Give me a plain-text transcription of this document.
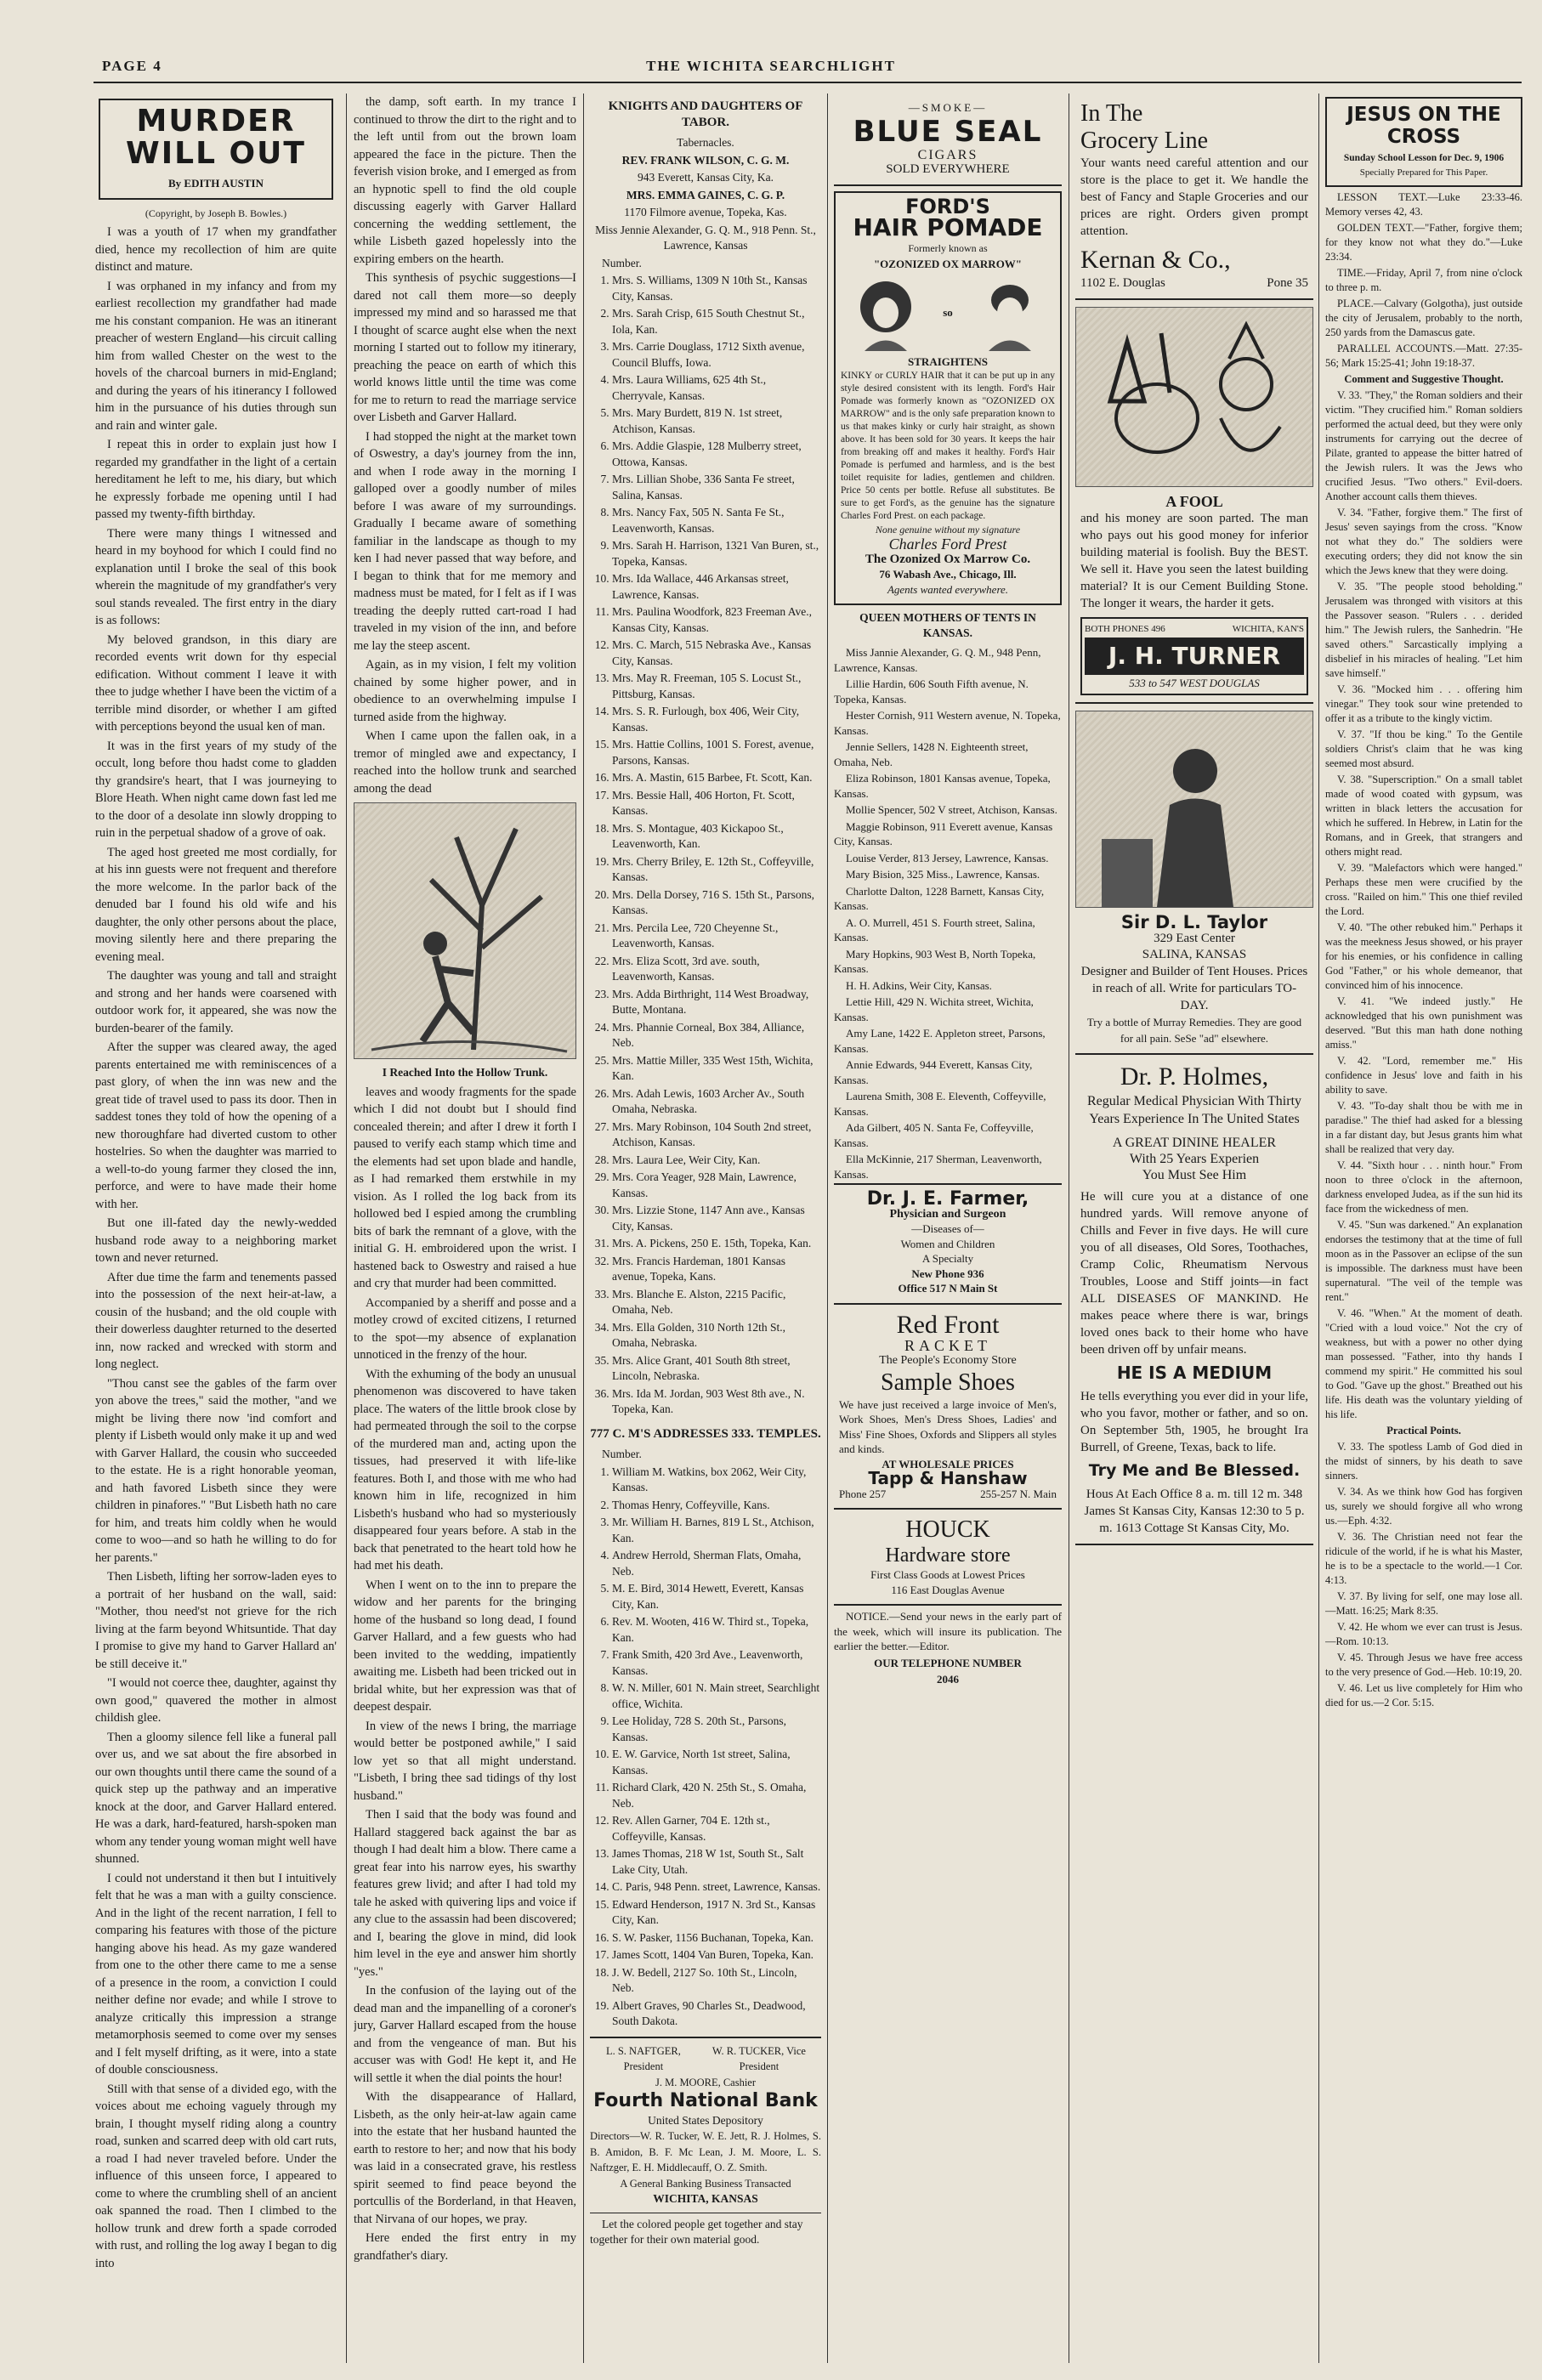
PAGE 4	THE WICHITA SEARCHLIGHT
MURDER WILL OUT
By EDITH AUSTIN

(Copyright, by Joseph B. Bowles.)

I was a youth of 17 when my grandfather died, hence my recollection of him are quite distinct and mature.

I was orphaned in my infancy and from my earliest recollection my grandfather had made me his constant companion. He was an itinerant preacher of western England—his circuit calling him from walled Chester on the west to the hovels of the charcoal burners in mid-England; and during the years of his itinerancy I followed him in the pursuance of his duties through sun and rain and winter gale.

I repeat this in order to explain just how I regarded my grandfather in the light of a certain hereditament he left to me, his diary, but which he expressly forbade me opening until I had passed my twenty-fifth birthday.

There were many things I witnessed and heard in my boyhood for which I could find no explanation until I broke the seal of this book wherein the magnitude of my grandfather's very soul stands revealed. The first entry in the diary is as follows:

My beloved grandson, in this diary are recorded events writ down for thy especial edification. Without comment I leave it with thee to judge whether I have been the victim of a terrible mind disorder, or whether I am gifted with perceptions beyond the usual ken of man.

It was in the first years of my study of the occult, long before thou hadst come to gladden thy grandsire's heart, that I was journeying to Blore Heath. When night came down fast led me to the door of a desolate inn slowly dropping to ruin in the perpetual shadow of a grove of oak.

The aged host greeted me most cordially, for at his inn guests were not frequent and therefore the more welcome. In the parlor back of the denuded bar I found his old wife and his daughter, the only other persons about the place, moving silently here and there preparing the evening meal.

The daughter was young and tall and straight and strong and her hands were coarsened with outdoor work for, it appeared, she was now the burden-bearer of the family.

After the supper was cleared away, the aged parents entertained me with reminiscences of a past glory, of when the inn was new and the great tide of travel used to pass its door. Then in saddest tones they told of how the opening of a new thoroughfare had diverted custom to other hostelries. So when the daughter was married to a well-to-do young farmer they closed the inn, perforce, and were to have made their home with her.

But one ill-fated day the newly-wedded husband rode away to a neighboring market town and never returned.

After due time the farm and tenements passed into the possession of the next heir-at-law, a cousin of the husband; and the old couple with their dowerless daughter returned to the deserted inn, now racked and wrecked with storm and long neglect.

"Thou canst see the gables of the farm over yon above the trees," said the mother, "and we might be living there now 'ind comfort and plenty if Lisbeth would only make it up and wed with Garver Hallard, the cousin who succeeded to the estate. He is a right honorable yeoman, and hath favored Lisbeth since they were children in pinafores." "But Lisbeth hath no care for him, and treats him coldly when he would come to woo—and so hath he willing to do for her parents."

Then Lisbeth, lifting her sorrow-laden eyes to a portrait of her husband on the wall, said: "Mother, thou need'st not grieve for the rich living at the farm beyond Whitsuntide. That day I promise to give my hand to Garver Hallard an' be still deceive it."

"I would not coerce thee, daughter, against thy own good," quavered the mother in almost childish glee.

Then a gloomy silence fell like a funeral pall over us, and we sat about the fire absorbed in our own thoughts until there came the sound of a quick step up the pathway and an imperative knock at the door, and Garver Hallard entered. He was a dark, hard-featured, harsh-spoken man whom any tender young woman might well have shunned.

I could not understand it then but I intuitively felt that he was a man with a guilty conscience. And in the light of the recent narration, I fell to comparing his features with those of the picture hanging above his head. As my gaze wandered from one to the other there came to me a sense of a presence in the room, a conviction I could neither define nor evade; and while I strove to analyze critically this impression a strange metamorphosis seemed to come over my senses and I felt myself drifting, as it were, into a state of double consciousness.

Still with that sense of a divided ego, with the voices about me echoing vaguely through my brain, I thought myself riding along a country road, sunken and scarred deep with old cart ruts, a road I had never traveled before. Under the influence of this unseen force, I appeared to come to where the crumbling shell of an ancient oak spanned the road. Then I climbed to the hollow trunk and drew forth a spade corroded with rust, and rolling the log away I began to dig into

the damp, soft earth. In my trance I continued to throw the dirt to the right and to the left until from out the brown loam appeared the face in the picture. Then the feverish vision broke, and I emerged as from an hypnotic spell to find the old couple discussing eagerly with Garver Hallard concerning the wedding settlement, the while Lisbeth gazed hopelessly into the expiring embers on the hearth.

This synthesis of psychic suggestions—I dared not call them more—so deeply impressed my mind and so harassed me that I thought of scarce aught else when the next morning I started out to follow my itinerary, preaching the peace on earth of which this world knows little until the time was come for me to return to read the marriage service over Lisbeth and Garver Hallard.

I had stopped the night at the market town of Oswestry, a day's journey from the inn, and when I rode away in the morning I galloped over a goodly number of miles before I was aware of my surroundings. Gradually I became aware of something familiar in the landscape as though to my ken I had never passed that way before, and I began to think that for me memory and madness must be mated, for I felt as if I was treading the deeply rutted cart-road I had traveled in my vision of the inn, and before me lay the steep ascent.

Again, as in my vision, I felt my volition chained by some higher power, and in obedience to an overwhelming impulse I turned aside from the highway.

When I came upon the fallen oak, in a tremor of mingled awe and expectancy, I reached into the hollow trunk and searched among the dead

I Reached Into the Hollow Trunk.

leaves and woody fragments for the spade which I did not doubt but I should find concealed therein; and after I drew it forth I paused to verify each stamp which time and the elements had set upon blade and handle, as I had remarked them erstwhile in my vision. As I rolled the log back from its hollowed bed I espied among the crumbling bits of bark the remnant of a glove, with the initial G. H. embroidered upon the wrist. I hastened back to Oswestry and raised a hue and cry that murder had been committed.

Accompanied by a sheriff and posse and a motley crowd of excited citizens, I returned to the spot—my absence of explanation unnoticed in the frenzy of the hour.

With the exhuming of the body an unusual phenomenon was discovered to have taken place. The waters of the little brook close by had permeated through the soil to the corpse of the murdered man and, acting upon the tissues, had preserved it with life-like features. Both I, and those with me who had known him in life, recognized in him Lisbeth's husband who had so mysteriously disappeared four years before. A stab in the back that penetrated to the heart told how he had met his death.

When I went on to the inn to prepare the widow and her parents for the bringing home of the husband so long dead, I found Garver Hallard, and a few guests who had been invited to the wedding, impatiently awaiting me. Lisbeth had been tricked out in bridal white, but her expression was that of deepest despair.

In view of the news I bring, the marriage would better be postponed awhile," I said low yet so that all might understand. "Lisbeth, I bring thee sad tidings of thy lost husband."

Then I said that the body was found and Hallard staggered back against the bar as though I had dealt him a blow. There came a great fear into his narrow eyes, his swarthy features grew livid; and after I had told my tale he asked with quivering lips and voice if any clue to the assassin had been discovered; and I, bearing the glove in mind, did look him level in the eye and answer him shortly "yes."

In the confusion of the laying out of the dead man and the impanelling of a coroner's jury, Garver Hallard escaped from the house and from the vengeance of man. But his accuser was with God! He kept it, and He will settle it when the dial points the hour!

With the disappearance of Hallard, Lisbeth, as the only heir-at-law again came into the estate that her husband haunted the earth to restore to her; and now that his body was laid in a consecrated grave, his restless spirit seemed to find peace beyond the portcullis of the Borderland, in that Heaven, that Nirvana of our hopes, we pray.

Here ended the first entry in my grandfather's diary.

KNIGHTS AND DAUGHTERS OF TABOR.

Tabernacles.

REV. FRANK WILSON, C. G. M.

943 Everett, Kansas City, Ka.

MRS. EMMA GAINES, C. G. P.

1170 Filmore avenue, Topeka, Kas.

Miss Jennie Alexander, G. Q. M., 918 Penn. St., Lawrence, Kansas

Number.

1. Mrs. S. Williams, 1309 N 10th St., Kansas City, Kansas.
2. Mrs. Sarah Crisp, 615 South Chestnut St., Iola, Kan.
3. Mrs. Carrie Douglass, 1712 Sixth avenue, Council Bluffs, Iowa.
4. Mrs. Laura Williams, 625 4th St., Cherryvale, Kansas.
5. Mrs. Mary Burdett, 819 N. 1st street, Atchison, Kansas.
6. Mrs. Addie Glaspie, 128 Mulberry street, Ottowa, Kansas.
7. Mrs. Lillian Shobe, 336 Santa Fe street, Salina, Kansas.
8. Mrs. Nancy Fax, 505 N. Santa Fe St., Leavenworth, Kansas.
9. Mrs. Sarah H. Harrison, 1321 Van Buren, st., Topeka, Kansas.
10. Mrs. Ida Wallace, 446 Arkansas street, Lawrence, Kansas.
11. Mrs. Paulina Woodfork, 823 Freeman Ave., Kansas City, Kansas.
12. Mrs. C. March, 515 Nebraska Ave., Kansas City, Kansas.
13. Mrs. May R. Freeman, 105 S. Locust St., Pittsburg, Kansas.
14. Mrs. S. R. Furlough, box 406, Weir City, Kansas.
15. Mrs. Hattie Collins, 1001 S. Forest, avenue, Parsons, Kansas.
16. Mrs. A. Mastin, 615 Barbee, Ft. Scott, Kan.
17. Mrs. Bessie Hall, 406 Horton, Ft. Scott, Kansas.
18. Mrs. S. Montague, 403 Kickapoo St., Leavenworth, Kan.
19. Mrs. Cherry Briley, E. 12th St., Coffeyville, Kansas.
20. Mrs. Della Dorsey, 716 S. 15th St., Parsons, Kansas.
21. Mrs. Percila Lee, 720 Cheyenne St., Leavenworth, Kansas.
22. Mrs. Eliza Scott, 3rd ave. south, Leavenworth, Kansas.
23. Mrs. Adda Birthright, 114 West Broadway, Butte, Montana.
24. Mrs. Phannie Corneal, Box 384, Alliance, Neb.
25. Mrs. Mattie Miller, 335 West 15th, Wichita, Kan.
26. Mrs. Adah Lewis, 1603 Archer Av., South Omaha, Nebraska.
27. Mrs. Mary Robinson, 104 South 2nd street, Atchison, Kansas.
28. Mrs. Laura Lee, Weir City, Kan.
29. Mrs. Cora Yeager, 928 Main, Lawrence, Kansas.
30. Mrs. Lizzie Stone, 1147 Ann ave., Kansas City, Kansas.
31. Mrs. A. Pickens, 250 E. 15th, Topeka, Kan.
32. Mrs. Francis Hardeman, 1801 Kansas avenue, Topeka, Kans.
33. Mrs. Blanche E. Alston, 2215 Pacific, Omaha, Neb.
34. Mrs. Ella Golden, 310 North 12th St., Omaha, Nebraska.
35. Mrs. Alice Grant, 401 South 8th street, Lincoln, Nebraska.
36. Mrs. Ida M. Jordan, 903 West 8th ave., N. Topeka, Kan.

777 C. M'S ADDRESSES 333. TEMPLES.

Number.

1. William M. Watkins, box 2062, Weir City, Kansas.
2. Thomas Henry, Coffeyville, Kans.
3. Mr. William H. Barnes, 819 L St., Atchison, Kan.
4. Andrew Herrold, Sherman Flats, Omaha, Neb.
5. M. E. Bird, 3014 Hewett, Everett, Kansas City, Kan.
6. Rev. M. Wooten, 416 W. Third st., Topeka, Kan.
7. Frank Smith, 420 3rd Ave., Leavenworth, Kansas.
8. W. N. Miller, 601 N. Main street, Searchlight office, Wichita.
9. Lee Holiday, 728 S. 20th St., Parsons, Kansas.
10. E. W. Garvice, North 1st street, Salina, Kansas.
11. Richard Clark, 420 N. 25th St., S. Omaha, Neb.
12. Rev. Allen Garner, 704 E. 12th st., Coffeyville, Kansas.
13. James Thomas, 218 W 1st, South St., Salt Lake City, Utah.
14. C. Paris, 948 Penn. street, Lawrence, Kansas.
15. Edward Henderson, 1917 N. 3rd St., Kansas City, Kan.
16. S. W. Pasker, 1156 Buchanan, Topeka, Kan.
17. James Scott, 1404 Van Buren, Topeka, Kan.
18. J. W. Bedell, 2127 So. 10th St., Lincoln, Neb.
19. Albert Graves, 90 Charles St., Deadwood, South Dakota.
L. S. NAFTGER, President
W. R. TUCKER, Vice President
J. M. MOORE, Cashier
Fourth National Bank
United States Depository
Directors—W. R. Tucker, W. E. Jett, R. J. Holmes, S. B. Amidon, B. F. Mc Lean, J. M. Moore, L. S. Naftzger, E. H. Middlecauff, O. Z. Smith.
A General Banking Business Transacted
WICHITA, KANSAS

Let the colored people get together and stay together for their own material good.

—SMOKE—
BLUE SEAL
CIGARS
SOLD EVERYWHERE
FORD'S
HAIR POMADE
Formerly known as
"OZONIZED OX MARROW"
so
STRAIGHTENS
KINKY or CURLY HAIR that it can be put up in any style desired consistent with its length. Ford's Hair Pomade was formerly known as "OZONIZED OX MARROW" and is the only safe preparation known to us that makes kinky or curly hair straight, as shown above. It has been sold for 30 years. It keeps the hair from breaking off and makes it healthy. Ford's Hair Pomade is perfumed and harmless, and is the best toilet requisite for ladies, gentlemen and children. Price 50 cents per bottle. Refuse all substitutes. Be sure to get Ford's, as the genuine has the signature Charles Ford Prest. on each package.
None genuine without my signature
Charles Ford Prest
The Ozonized Ox Marrow Co.
76 Wabash Ave., Chicago, Ill.
Agents wanted everywhere.

QUEEN MOTHERS OF TENTS IN KANSAS.

Miss Jannie Alexander, G. Q. M., 948 Penn, Lawrence, Kansas.

Lillie Hardin, 606 South Fifth avenue, N. Topeka, Kansas.

Hester Cornish, 911 Western avenue, N. Topeka, Kansas.

Jennie Sellers, 1428 N. Eighteenth street, Omaha, Neb.

Eliza Robinson, 1801 Kansas avenue, Topeka, Kansas.

Mollie Spencer, 502 V street, Atchison, Kansas.

Maggie Robinson, 911 Everett avenue, Kansas City, Kansas.

Louise Verder, 813 Jersey, Lawrence, Kansas.

Mary Bision, 325 Miss., Lawrence, Kansas.

Charlotte Dalton, 1228 Barnett, Kansas City, Kansas.

A. O. Murrell, 451 S. Fourth street, Salina, Kansas.

Mary Hopkins, 903 West B, North Topeka, Kansas.

H. H. Adkins, Weir City, Kansas.

Lettie Hill, 429 N. Wichita street, Wichita, Kansas.

Amy Lane, 1422 E. Appleton street, Parsons, Kansas.

Annie Edwards, 944 Everett, Kansas City, Kansas.

Laurena Smith, 308 E. Eleventh, Coffeyville, Kansas.

Ada Gilbert, 405 N. Santa Fe, Coffeyville, Kansas.

Ella McKinnie, 217 Sherman, Leavenworth, Kansas.

Dr. J. E. Farmer,
Physician and Surgeon
—Diseases of—
Women and Children
A Specialty
New Phone 936
Office 517 N Main St
Red Front
RACKET
The People's Economy Store
Sample Shoes
We have just received a large invoice of Men's, Work Shoes, Men's Dress Shoes, Ladies' and Miss' Fine Shoes, Oxfords and Slippers all styles and kinds.
AT WHOLESALE PRICES
Tapp & Hanshaw
Phone 257	255-257 N. Main
HOUCK
Hardware store
First Class Goods at Lowest Prices
116 East Douglas Avenue

NOTICE.—Send your news in the early part of the week, which will insure its publication. The earlier the better.—Editor.

OUR TELEPHONE NUMBER

2046

In The
Grocery Line
Your wants need careful attention and our store is the place to get it. We handle the best of Fancy and Staple Groceries and our prices are right. Orders given prompt attention.
Kernan & Co.,
1102 E. Douglas	Pone 35
A FOOL
and his money are soon parted. The man who pays out his good money for inferior building material is foolish. Buy the BEST. We sell it. Have you seen the latest building material? It is our Cement Building Stone. The longer it wears, the harder it gets.
BOTH PHONES 496	WICHITA, KAN'S
J. H. TURNER
533 to 547 WEST DOUGLAS
Sir D. L. Taylor
329 East Center
SALINA, KANSAS
Designer and Builder of Tent Houses. Prices in reach of all. Write for particulars TO-DAY.
Try a bottle of Murray Remedies. They are good for all pain. SeSe "ad" elsewhere.
Dr. P. Holmes,
Regular Medical Physician With Thirty Years Experience In The United States
A GREAT DININE HEALER
With 25 Years Experien
You Must See Him
He will cure you at a distance of one hundred yards. Will remove anyone of Chills and Fever in five days. He will cure you of all diseases, Old Sores, Toothaches, Cramp Colic, Rheumatism Nervous Troubles, Loose and Stiff joints—in fact ALL DISEASES OF MANKIND. He makes peace where there is war, brings loved ones back to their home who have been driven off by unfair means.
HE IS A MEDIUM
He tells everything you ever did in your life, who you favor, mother or father, and so on. On September 5th, 1905, he brought Ira Burrell, of Greene, Texas, back to life.
Try Me and Be Blessed.
Hous At Each Office 8 a. m. till 12 m. 348 James St Kansas City, Kansas 12:30 to 5 p. m. 1613 Cottage St Kansas City, Mo.
JESUS ON THE CROSS
Sunday School Lesson for Dec. 9, 1906
Specially Prepared for This Paper.

LESSON TEXT.—Luke 23:33-46. Memory verses 42, 43.

GOLDEN TEXT.—"Father, forgive them; for they know not what they do."—Luke 23:34.

TIME.—Friday, April 7, from nine o'clock to three p. m.

PLACE.—Calvary (Golgotha), just outside the city of Jerusalem, probably to the north, 250 yards from the Damascus gate.

PARALLEL ACCOUNTS.—Matt. 27:35-56; Mark 15:25-41; John 19:18-37.

Comment and Suggestive Thought.

V. 33. "They," the Roman soldiers and their victim. "They crucified him." Roman soldiers performed the actual deed, but they were only instruments for carrying out the decree of Pilate, granted to appease the bitter hatred of the Jewish rulers. It was the Jews who crucified Jesus. "Two others." Evil-doers. Another account calls them thieves.

V. 34. "Father, forgive them." The first of Jesus' seven sayings from the cross. "Know not what they do." The soldiers were executing orders; they did not know the sin which the Jews knew that they were doing.

V. 35. "The people stood beholding." Jerusalem was thronged with visitors at this the Passover season. "Rulers . . . derided him." The Jewish rulers, the Sanhedrin. "He saved others." Sarcastically implying a disbelief in his miracles of healing. "Let him save himself."

V. 36. "Mocked him . . . offering him vinegar." They took sour wine pretended to offer it as a tribute to the kingly victim.

V. 37. "If thou be king." To the Gentile soldiers Christ's claim that he was king seemed most absurd.

V. 38. "Superscription." On a small tablet made of wood coated with gypsum, was written in black letters the accusation for which he suffered. In Hebrew, in Latin for the Romans, and in Greek, that strangers and others might read.

V. 39. "Malefactors which were hanged." Perhaps these men were crucified by the cross. "Railed on him." This one thief reviled the Lord.

V. 40. "The other rebuked him." Perhaps it was the meekness Jesus showed, or his prayer for his enemies, or his confidence in calling God "Father," or his whole demeanor, that convinced him of his innocence.

V. 41. "We indeed justly." He acknowledged that his own punishment was deserved. "But this man hath done nothing amiss."

V. 42. "Lord, remember me." His confidence in Jesus' love and faith in his ability to save.

V. 43. "To-day shalt thou be with me in paradise." The thief had asked for a blessing in a far distant day, but Jesus grants him what shall be realized that very day.

V. 44. "Sixth hour . . . ninth hour." From noon to three o'clock in the afternoon, darkness enveloped Judea, as if the sun hid its face from the wickedness of men.

V. 45. "Sun was darkened." An explanation endorses the testimony that at the time of full moon as in the Passover an eclipse of the sun is impossible. The darkness must have been supernatural. "The veil of the temple was rent."

V. 46. "When." At the moment of death. "Cried with a loud voice." Not the cry of weakness, but with a power no other dying man possessed. "Father, into thy hands I commend my spirit." He committed his soul to God. "Gave up the ghost." Breathed out his life. His death was the voluntary yielding of his life.

Practical Points.

V. 33. The spotless Lamb of God died in the midst of sinners, by his death to save sinners.

V. 34. As we think how God has forgiven us, surely we should forgive all who wrong us.—Eph. 4:32.

V. 36. The Christian need not fear the ridicule of the world, if he is what his Master, he is to be a spectacle to the world.—1 Cor. 4:13.

V. 37. By living for self, one may lose all.—Matt. 16:25; Mark 8:35.

V. 42. He whom we ever can trust is Jesus.—Rom. 10:13.

V. 45. Through Jesus we have free access to the very presence of God.—Heb. 10:19, 20.

V. 46. Let us live completely for Him who died for us.—2 Cor. 5:15.
